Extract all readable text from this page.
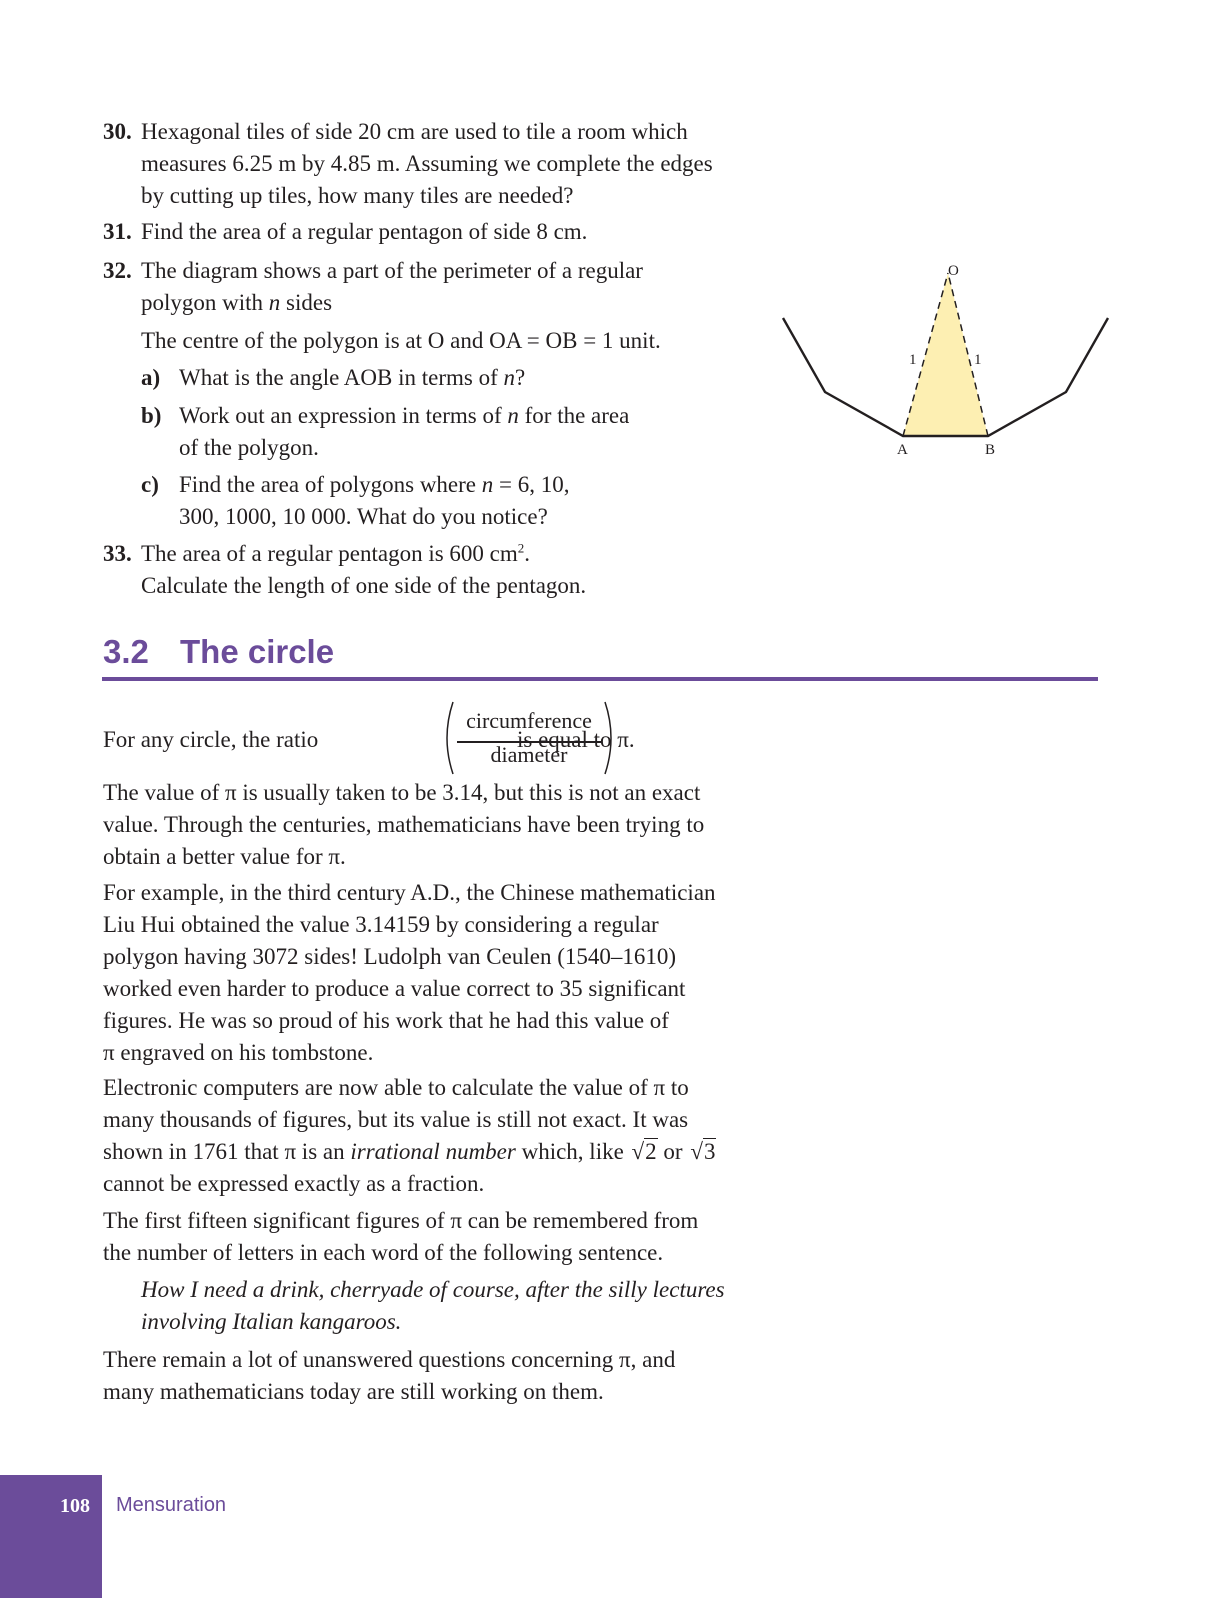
30. Hexagonal tiles of side 20 cm are used to tile a room which
measures 6.25 m by 4.85 m. Assuming we complete the edges
by cutting up tiles, how many tiles are needed?
31. Find the area of a regular pentagon of side 8 cm.
32. The diagram shows a part of the perimeter of a regular
polygon with n sides
The centre of the polygon is at O and OA = OB = 1 unit.
a) What is the angle AOB in terms of n?
b) Work out an expression in terms of n for the area
of the polygon.
c) Find the area of polygons where n = 6, 10,
300, 1000, 10 000. What do you notice?
33. The area of a regular pentagon is 600 $cm^2$.
Calculate the length of one side of the pentagon.
O
A	B
1	1
3.2 The circle
For any circle, the ratio
circumference
diameter
is equal to π.
The value of π is usually taken to be 3.14, but this is not an exact
value. Through the centuries, mathematicians have been trying to
obtain a better value for π.
For example, in the third century A.D., the Chinese mathematician
Liu Hui obtained the value 3.14159 by considering a regular
polygon having 3072 sides! Ludolph van Ceulen (1540–1610)
worked even harder to produce a value correct to 35 significant
figures. He was so proud of his work that he had this value of
π engraved on his tombstone.
Electronic computers are now able to calculate the value of π to
many thousands of figures, but its value is still not exact. It was
shown in 1761 that π is an irrational number which, like √2 or √3
cannot be expressed exactly as a fraction.
The first fifteen significant figures of π can be remembered from
the number of letters in each word of the following sentence.
How I need a drink, cherryade of course, after the silly lectures
involving Italian kangaroos.
There remain a lot of unanswered questions concerning π, and
many mathematicians today are still working on them.
108	Mensuration
